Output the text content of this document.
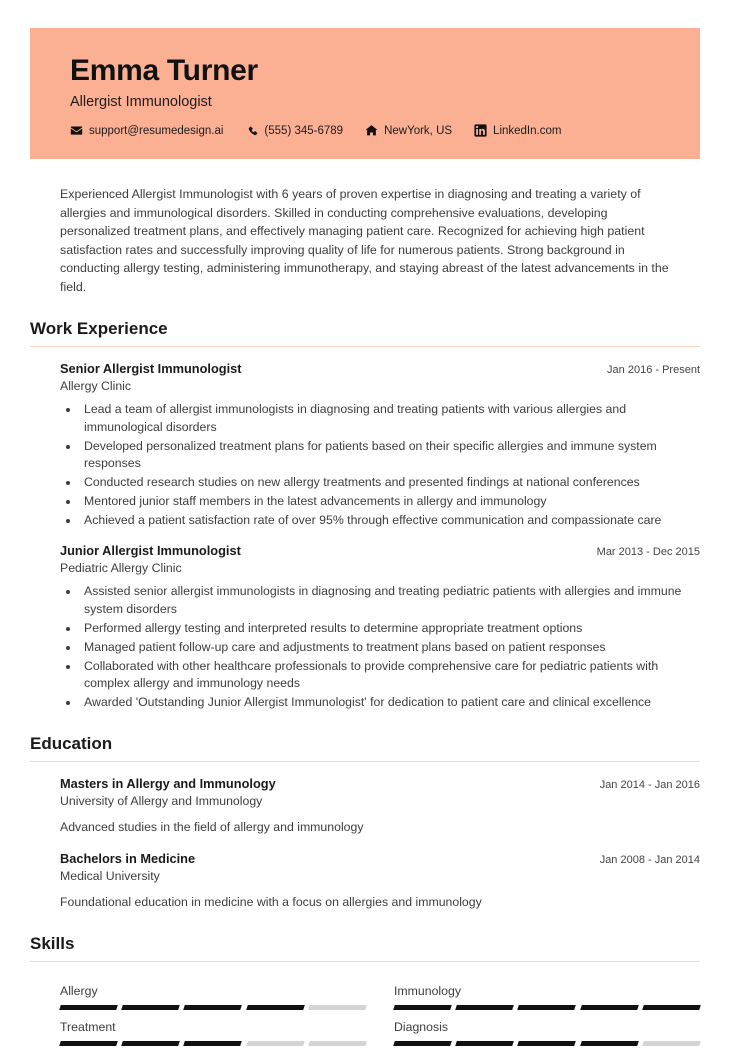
Emma Turner
Allergist Immunologist
support@resumedesign.ai	(555) 345-6789	NewYork, US	LinkedIn.com
Experienced Allergist Immunologist with 6 years of proven expertise in diagnosing and treating a variety of allergies and immunological disorders. Skilled in conducting comprehensive evaluations, developing personalized treatment plans, and effectively managing patient care. Recognized for achieving high patient satisfaction rates and successfully improving quality of life for numerous patients. Strong background in conducting allergy testing, administering immunotherapy, and staying abreast of the latest advancements in the field.
Work Experience
Senior Allergist Immunologist	Jan 2016 - Present
Allergy Clinic
• Lead a team of allergist immunologists in diagnosing and treating patients with various allergies and immunological disorders
• Developed personalized treatment plans for patients based on their specific allergies and immune system responses
• Conducted research studies on new allergy treatments and presented findings at national conferences
• Mentored junior staff members in the latest advancements in allergy and immunology
• Achieved a patient satisfaction rate of over 95% through effective communication and compassionate care
Junior Allergist Immunologist	Mar 2013 - Dec 2015
Pediatric Allergy Clinic
• Assisted senior allergist immunologists in diagnosing and treating pediatric patients with allergies and immune system disorders
• Performed allergy testing and interpreted results to determine appropriate treatment options
• Managed patient follow-up care and adjustments to treatment plans based on patient responses
• Collaborated with other healthcare professionals to provide comprehensive care for pediatric patients with complex allergy and immunology needs
• Awarded 'Outstanding Junior Allergist Immunologist' for dedication to patient care and clinical excellence
Education
Masters in Allergy and Immunology	Jan 2014 - Jan 2016
University of Allergy and Immunology
Advanced studies in the field of allergy and immunology
Bachelors in Medicine	Jan 2008 - Jan 2014
Medical University
Foundational education in medicine with a focus on allergies and immunology
Skills
Allergy	Immunology
Treatment	Diagnosis
